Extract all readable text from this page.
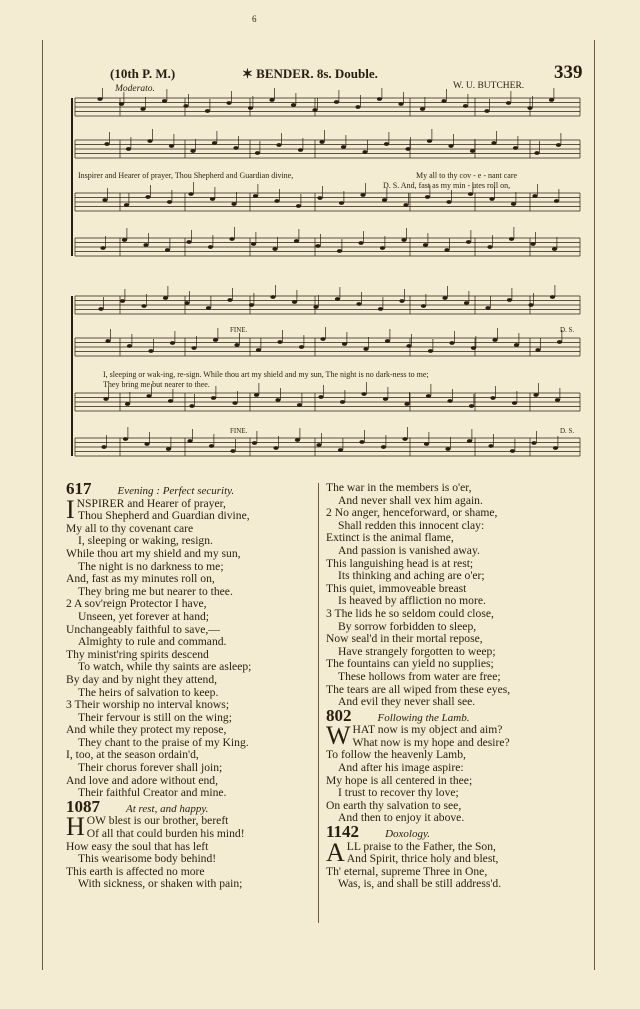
6
(10th P. M.)	✶ BENDER. 8s. Double.	339
W. U. BUTCHER.
Moderato.
Inspirer and Hearer of prayer, Thou Shepherd and Guardian divine,	My all to thy cov - e - nant care
D. S. And, fast as my min - utes roll on,
FINE.	D. S.
I, sleeping or wak-ing, re-sign. While thou art my shield and my sun, The night is no dark-ness to me;
They bring me but nearer to thee.
FINE.	D. S.
617 Evening : Perfect security.
I NSPIRER and Hearer of prayer,
Thou Shepherd and Guardian divine,
My all to thy covenant care
I, sleeping or waking, resign.
While thou art my shield and my sun,
The night is no darkness to me;
And, fast as my minutes roll on,
They bring me but nearer to thee.
2 A sov'reign Protector I have,
Unseen, yet forever at hand;
Unchangeably faithful to save,—
Almighty to rule and command.
Thy minist'ring spirits descend
To watch, while thy saints are asleep;
By day and by night they attend,
The heirs of salvation to keep.
3 Their worship no interval knows;
Their fervour is still on the wing;
And while they protect my repose,
They chant to the praise of my King.
I, too, at the season ordain'd,
Their chorus forever shall join;
And love and adore without end,
Their faithful Creator and mine.
1087 At rest, and happy.
H OW blest is our brother, bereft
Of all that could burden his mind!
How easy the soul that has left
This wearisome body behind!
This earth is affected no more
With sickness, or shaken with pain;
The war in the members is o'er,
And never shall vex him again.
2 No anger, henceforward, or shame,
Shall redden this innocent clay:
Extinct is the animal flame,
And passion is vanished away.
This languishing head is at rest;
Its thinking and aching are o'er;
This quiet, immoveable breast
Is heaved by affliction no more.
3 The lids he so seldom could close,
By sorrow forbidden to sleep,
Now seal'd in their mortal repose,
Have strangely forgotten to weep;
The fountains can yield no supplies;
These hollows from water are free;
The tears are all wiped from these eyes,
And evil they never shall see.
802 Following the Lamb.
W HAT now is my object and aim?
What now is my hope and desire?
To follow the heavenly Lamb,
And after his image aspire:
My hope is all centered in thee;
I trust to recover thy love;
On earth thy salvation to see,
And then to enjoy it above.
1142 Doxology.
A LL praise to the Father, the Son,
And Spirit, thrice holy and blest,
Th' eternal, supreme Three in One,
Was, is, and shall be still address'd.
